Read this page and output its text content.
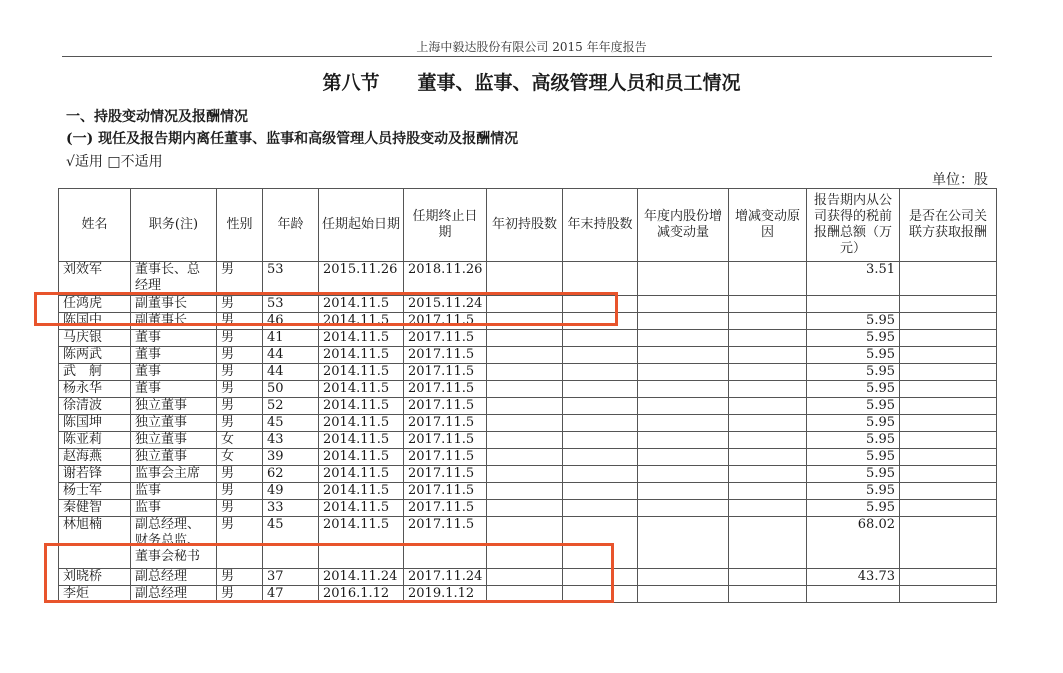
上海中毅达股份有限公司 2015 年年度报告
第八节　　董事、监事、高级管理人员和员工情况
一、持股变动情况及报酬情况
(一) 现任及报告期内离任董事、监事和高级管理人员持股变动及报酬情况
√适用 □不适用
单位：股
姓名	职务(注)	性别	年龄	任期起始日期	任期终止日期	年初持股数	年末持股数	年度内股份增减变动量	增减变动原因	报告期内从公司获得的税前报酬总额（万元）	是否在公司关联方获取报酬
刘效军	董事长、总经理	男	53	2015.11.26	2018.11.26					3.51	
任鸿虎	副董事长	男	53	2014.11.5	2015.11.24						
陈国中	副董事长	男	46	2014.11.5	2017.11.5					5.95	
马庆银	董事	男	41	2014.11.5	2017.11.5					5.95	
陈两武	董事	男	44	2014.11.5	2017.11.5					5.95	
武　舸	董事	男	44	2014.11.5	2017.11.5					5.95	
杨永华	董事	男	50	2014.11.5	2017.11.5					5.95	
徐清波	独立董事	男	52	2014.11.5	2017.11.5					5.95	
陈国坤	独立董事	男	45	2014.11.5	2017.11.5					5.95	
陈亚莉	独立董事	女	43	2014.11.5	2017.11.5					5.95	
赵海燕	独立董事	女	39	2014.11.5	2017.11.5					5.95	
谢若锋	监事会主席	男	62	2014.11.5	2017.11.5					5.95	
杨士军	监事	男	49	2014.11.5	2017.11.5					5.95	
秦健智	监事	男	33	2014.11.5	2017.11.5					5.95	
林旭楠	副总经理、财务总监、董事会秘书	男	45	2014.11.5	2017.11.5					68.02	
刘晓桥	副总经理	男	37	2014.11.24	2017.11.24					43.73	
李炬	副总经理	男	47	2016.1.12	2019.1.12						
